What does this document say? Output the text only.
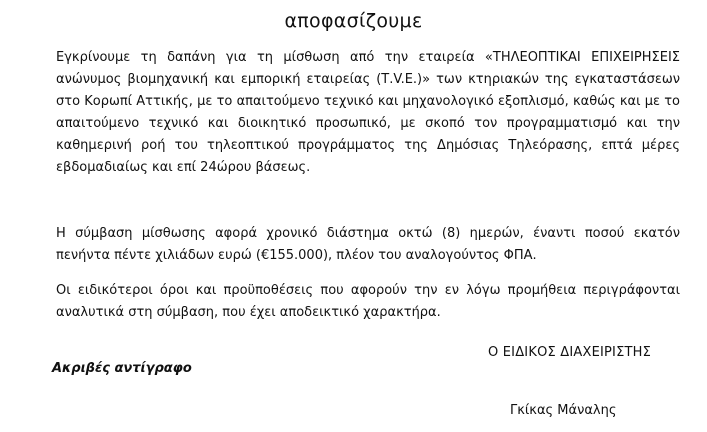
αποφασίζουμε

Εγκρίνουμε τη δαπάνη για τη μίσθωση από την εταιρεία «ΤΗΛΕΟΠΤΙΚΑΙ ΕΠΙΧΕΙΡΗΣΕΙΣ ανώνυμος βιομηχανική και εμπορική εταιρείας (Τ.V.Ε.)» των κτηριακών της εγκαταστάσεων στο Κορωπί Αττικής, με το απαιτούμενο τεχνικό και μηχανολογικό εξοπλισμό, καθώς και με το απαιτούμενο τεχνικό και διοικητικό προσωπικό, με σκοπό τον προγραμματισμό και την καθημερινή ροή του τηλεοπτικού προγράμματος της Δημόσιας Τηλεόρασης, επτά μέρες εβδομαδιαίως και επί 24ώρου βάσεως.

Η σύμβαση μίσθωσης αφορά χρονικό διάστημα οκτώ (8) ημερών, έναντι ποσού εκατόν πενήντα πέντε χιλιάδων ευρώ (€155.000), πλέον του αναλογούντος ΦΠΑ.

Οι ειδικότεροι όροι και προϋποθέσεις που αφορούν την εν λόγω προμήθεια περιγράφονται αναλυτικά στη σύμβαση, που έχει αποδεικτικό χαρακτήρα.

Ο ΕΙΔΙΚΟΣ ΔΙΑΧΕΙΡΙΣΤΗΣ
Ακριβές αντίγραφο
Γκίκας Μάναλης
